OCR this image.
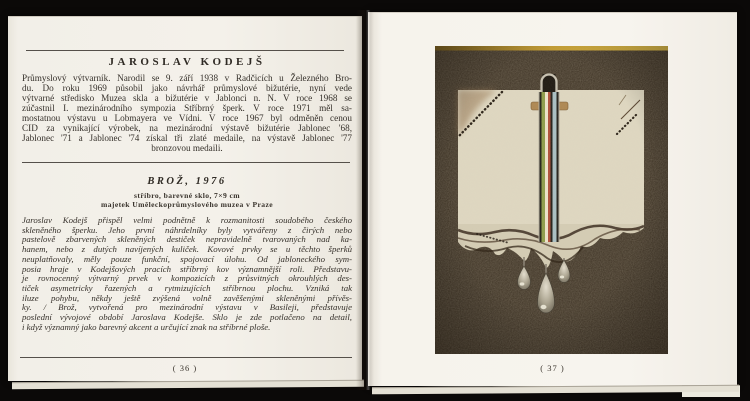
JAROSLAV KODEJŠ
Průmyslový výtvarník. Narodil se 9. září 1938 v Radčicích u Železného Bro-
du. Do roku 1969 působil jako návrhář průmyslové bižutérie, nyní vede
výtvarné středisko Muzea skla a bižutérie v Jablonci n. N. V roce 1968 se
zúčastnil I. mezinárodního sympozia Stříbrný šperk. V roce 1971 měl sa-
mostatnou výstavu u Lobmayera ve Vídni. V roce 1967 byl odměněn cenou
CID za vynikající výrobek, na mezinárodní výstavě bižutérie Jablonec '68,
Jablonec '71 a Jablonec '74 získal tři zlaté medaile, na výstavě Jablonec '77
bronzovou medaili.
BROŽ, 1976
stříbro, barevné sklo, 7×9 cm
majetek Uměleckoprůmyslového muzea v Praze
Jaroslav Kodejš přispěl velmi podnětně k rozmanitosti soudobého českého
skleněného šperku. Jeho první náhrdelníky byly vytvářeny z čirých nebo
pastelově zbarvených skleněných destiček nepravidelně tvarovaných nad ka-
hanem, nebo z dutých navíjených kuliček. Kovové prvky se u těchto šperků
neuplatňovaly, měly pouze funkční, spojovací úlohu. Od jabloneckého sym-
posia hraje v Kodejšových pracích stříbrný kov významnější roli. Představu-
je rovnocenný výtvarný prvek v kompozicích z průsvitných okrouhlých des-
tiček asymetricky řazených a rytmizujících stříbrnou plochu. Vzniká tak
iluze pohybu, někdy ještě zvýšená volně zavěšenými skleněnými přívěs-
ky. / Brož, vytvořená pro mezinárodní výstavu v Basileji, představuje
poslední vývojové období Jaroslava Kodejše. Sklo je zde potlačeno na detail,
i když významný jako barevný akcent a určující znak na stříbrné ploše.
( 36 )	( 37 )
